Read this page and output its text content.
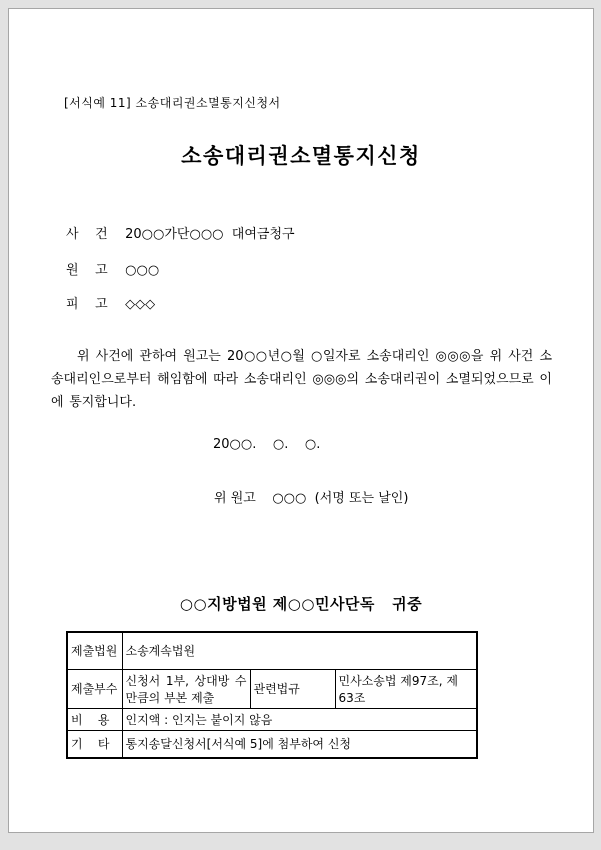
[서식예 11] 소송대리권소멸통지신청서
소송대리권소멸통지신청
사    건 20○○가단○○○  대여금청구
원    고 ○○○
피    고 ◇◇◇
위 사건에 관하여 원고는 20○○년○월 ○일자로 소송대리인 ◎◎◎을 위 사건 소송대리인으로부터 해임함에 따라 소송대리인 ◎◎◎의 소송대리권이 소멸되었으므로 이에 통지합니다.
20○○.    ○.    ○.
위 원고    ○○○  (서명 또는 날인)
○○지방법원 제○○민사단독   귀중
제출법원	소송계속법원		
제출부수	신청서 1부, 상대방 수만큼의 부본 제출	관련법규	민사소송법 제97조, 제63조
비    용	인지액 : 인지는 붙이지 않음		
기    타	통지송달신청서[서식예 5]에 첨부하여 신청		
